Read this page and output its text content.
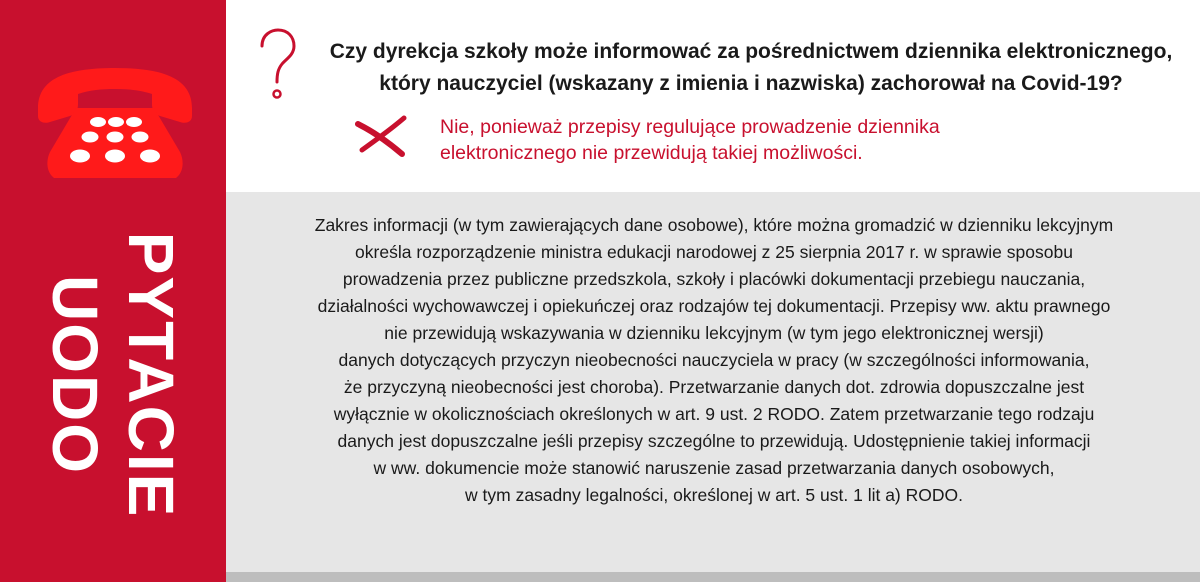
PYTACIE
UODO
Czy dyrekcja szkoły może informować za pośrednictwem dziennika elektronicznego, który nauczyciel (wskazany z imienia i nazwiska) zachorował na Covid-19?
Nie, ponieważ przepisy regulujące prowadzenie dziennika elektronicznego nie przewidują takiej możliwości.
Zakres informacji (w tym zawierających dane osobowe), które można gromadzić w dzienniku lekcyjnym
określa rozporządzenie ministra edukacji narodowej z 25 sierpnia 2017 r. w sprawie sposobu
prowadzenia przez publiczne przedszkola, szkoły i placówki dokumentacji przebiegu nauczania,
działalności wychowawczej i opiekuńczej oraz rodzajów tej dokumentacji. Przepisy ww. aktu prawnego
nie przewidują wskazywania w dzienniku lekcyjnym (w tym jego elektronicznej wersji)
danych dotyczących przyczyn nieobecności nauczyciela w pracy (w szczególności informowania,
że przyczyną nieobecności jest choroba). Przetwarzanie danych dot. zdrowia dopuszczalne jest
wyłącznie w okolicznościach określonych w art. 9 ust. 2 RODO. Zatem przetwarzanie tego rodzaju
danych jest dopuszczalne jeśli przepisy szczególne to przewidują. Udostępnienie takiej informacji
w ww. dokumencie może stanowić naruszenie zasad przetwarzania danych osobowych,
w tym zasadny legalności, określonej w art. 5 ust. 1 lit a) RODO.
